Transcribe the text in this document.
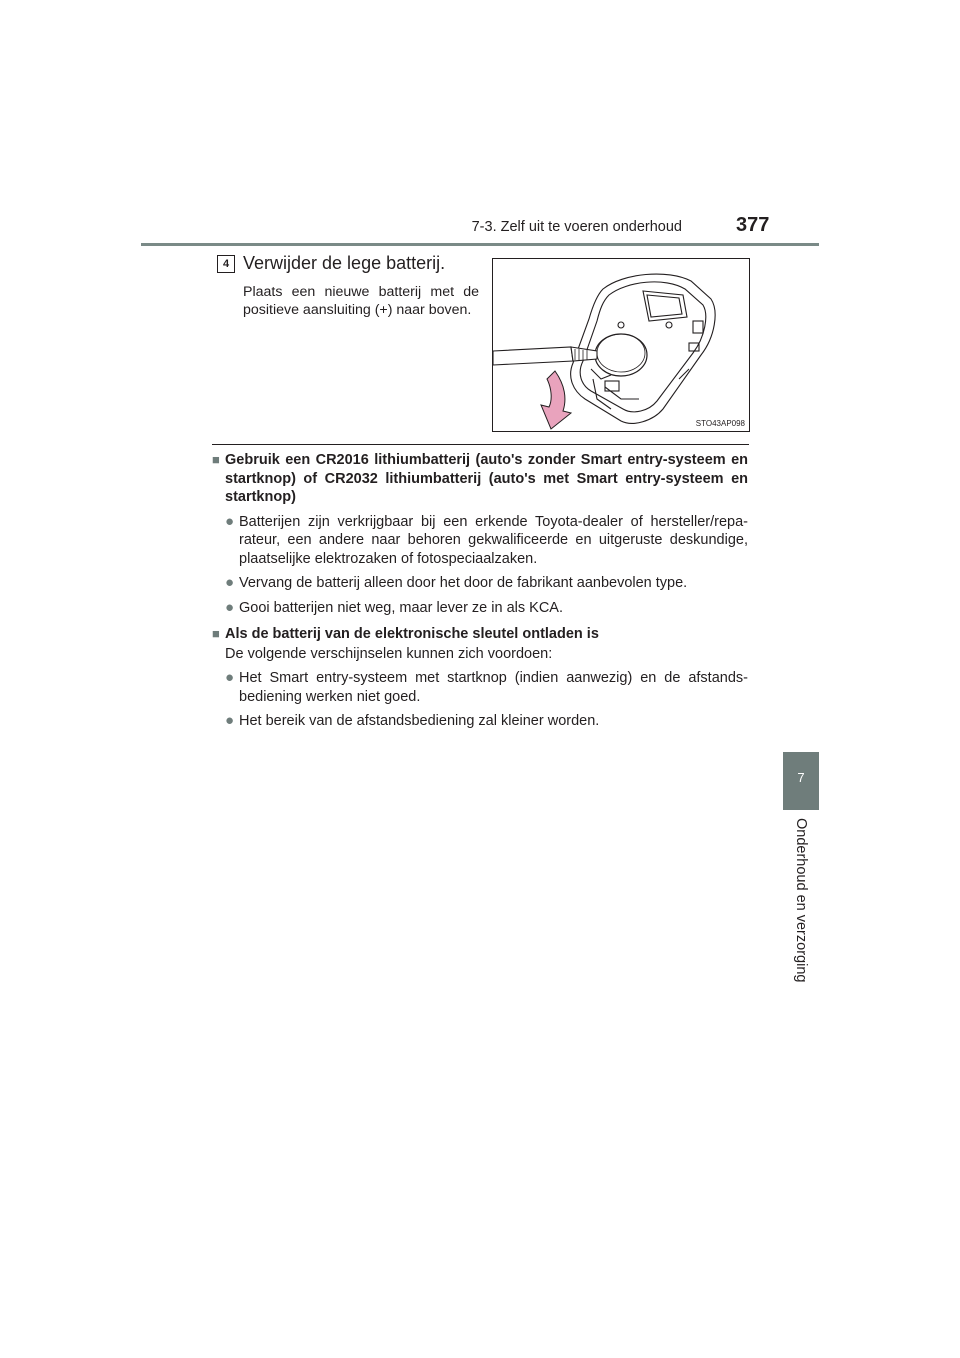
7-3. Zelf uit te voeren onderhoud	377
7
Onderhoud en verzorging
4 Verwijder de lege batterij.
Plaats een nieuwe batterij met de positieve aansluiting (+) naar boven.
STO43AP098
■ Gebruik een CR2016 lithiumbatterij (auto's zonder Smart entry-systeem en startknop) of CR2032 lithiumbatterij (auto's met Smart entry-systeem en startknop)
● Batterijen zijn verkrijgbaar bij een erkende Toyota-dealer of hersteller/repa-rateur, een andere naar behoren gekwalificeerde en uitgeruste deskundige, plaatselijke elektrozaken of fotospeciaalzaken.
● Vervang de batterij alleen door het door de fabrikant aanbevolen type.
● Gooi batterijen niet weg, maar lever ze in als KCA.
■ Als de batterij van de elektronische sleutel ontladen is
De volgende verschijnselen kunnen zich voordoen:
● Het Smart entry-systeem met startknop (indien aanwezig) en de afstands-bediening werken niet goed.
● Het bereik van de afstandsbediening zal kleiner worden.
